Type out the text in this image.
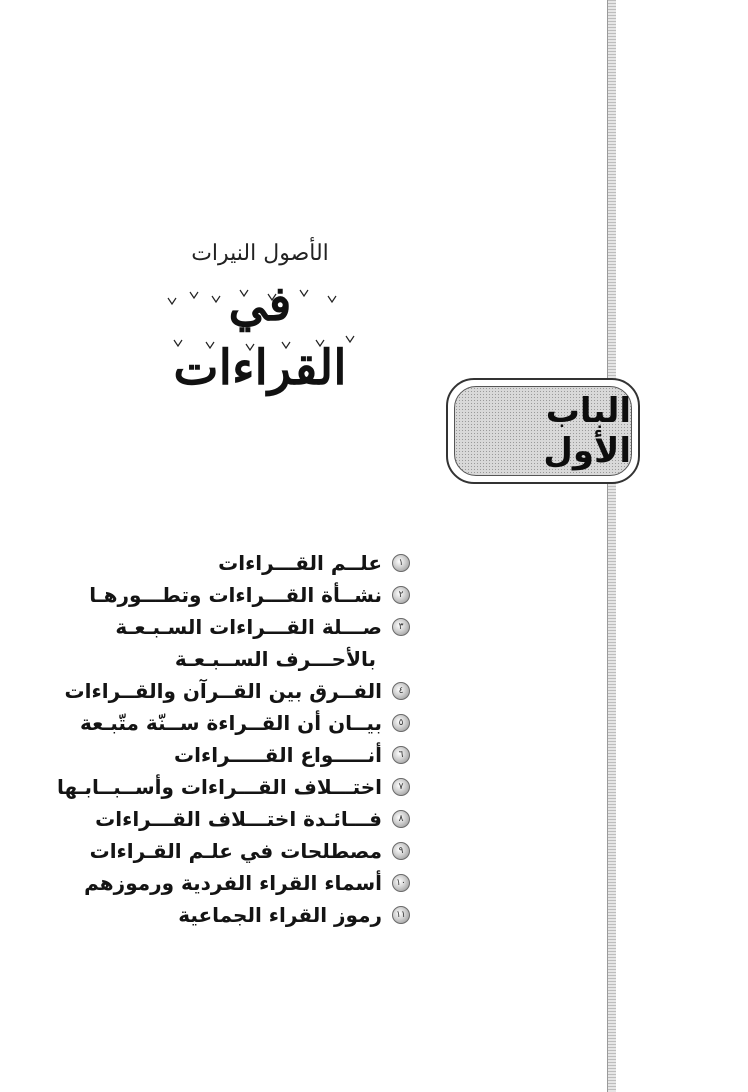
الأصول النيرات
في القراءات
الباب الأول
١
علــم القـــراءات
٢
نشــأة القـــراءات وتطـــورهـا
٣
صـــلة القـــراءات السـبـعـة
بالأحـــرف الســبـعـة
٤
الفــرق بين القــرآن والقــراءات
٥
بيــان أن القــراءة ســنّة متّبـعة
٦
أنـــــواع القـــــراءات
٧
اختـــلاف القـــراءات وأســبــابـها
٨
فـــائـدة اختـــلاف القـــراءات
٩
مصطلحات في علـم القـراءات
١٠
أسماء القراء الفردية ورموزهم
١١
رموز القراء الجماعية
